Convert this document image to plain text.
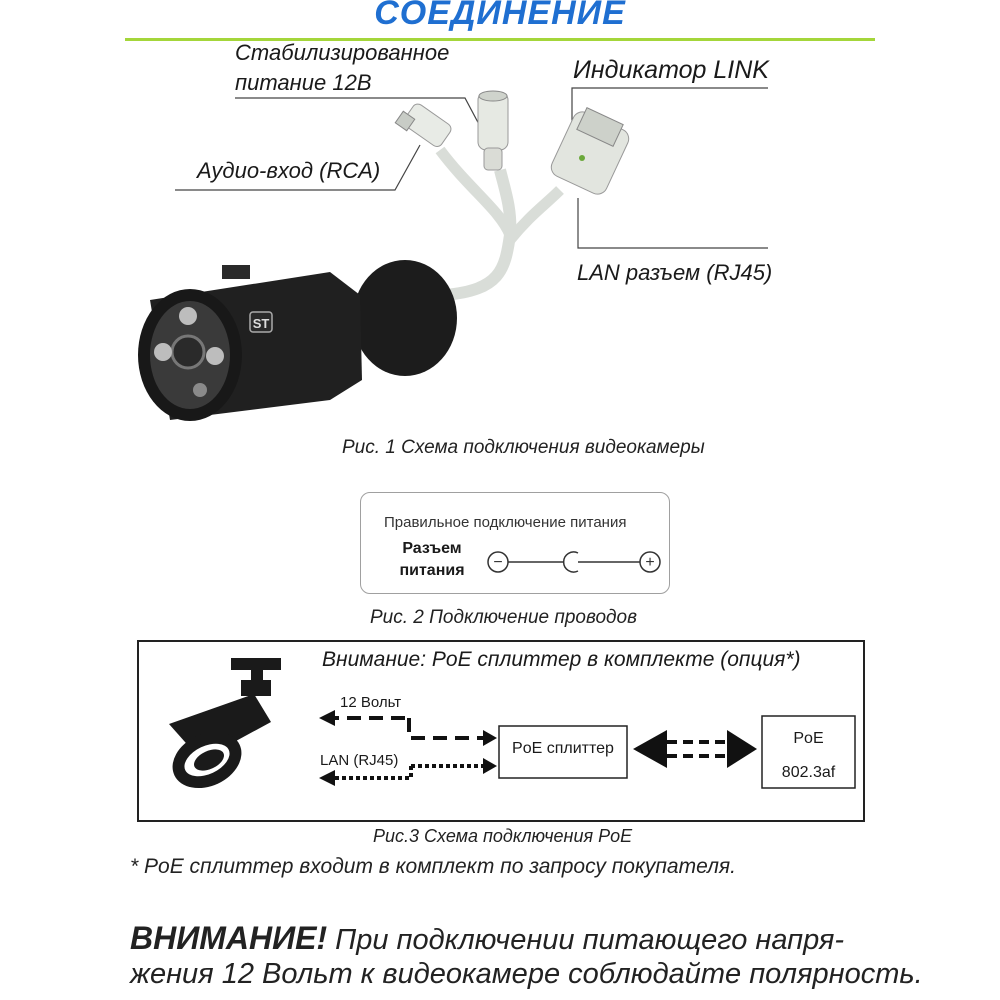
СОЕДИНЕНИЕ
ST
Стабилизированное
питание 12В	Индикатор LINK
Аудио-вход (RCA)
LAN разъем (RJ45)
Рис. 1 Схема подключения видеокамеры
Правильное подключение питания
Разъем
питания	−	+
Рис. 2 Подключение проводов
Внимание: PoE сплиттер в комплекте (опция*)
12 Вольт
LAN (RJ45)
PoE сплиттер
PoE
802.3af
Рис.3 Схема подключения PoE
* PoE сплиттер входит в комплект по запросу покупателя.
ВНИМАНИЕ! При подключении питающего напря-
жения 12 Вольт к видеокамере соблюдайте полярность.
